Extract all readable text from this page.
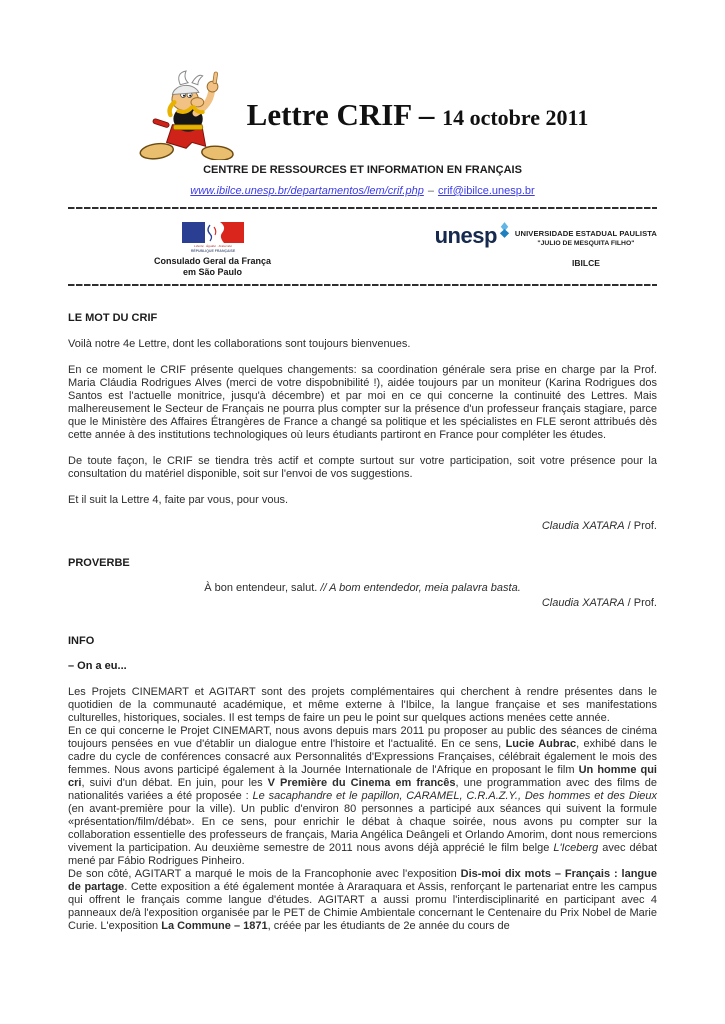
Lettre CRIF – 14 octobre 2011
CENTRE DE RESSOURCES ET INFORMATION EN FRANÇAIS
www.ibilce.unesp.br/departamentos/lem/crif.php – crif@ibilce.unesp.br
Liberté · Égalité · Fraternité
RÉPUBLIQUE FRANÇAISE
Consulado Geral da França
em São Paulo
unesp UNIVERSIDADE ESTADUAL PAULISTA
"JULIO DE MESQUITA FILHO"
IBILCE
LE MOT DU CRIF

Voilà notre 4e Lettre, dont les collaborations sont toujours bienvenues.

En ce moment le CRIF présente quelques changements: sa coordination générale sera prise en charge par la Prof. Maria Cláudia Rodrigues Alves (merci de votre dispobnibilité !), aidée toujours par un moniteur (Karina Rodrigues dos Santos est l'actuelle monitrice, jusqu'à décembre) et par moi en ce qui concerne la continuité des Lettres. Mais malhereusement le Secteur de Français ne pourra plus compter sur la présence d'un professeur français stagiare, parce que le Ministère des Affaires Étrangères de France a changé sa politique et les spécialistes en FLE seront attribués dès cette année à des institutions technologiques où leurs étudiants partiront en France pour compléter les études.

De toute façon, le CRIF se tiendra très actif et compte surtout sur votre participation, soit votre présence pour la consultation du matériel disponible, soit sur l'envoi de vos suggestions.

Et il suit la Lettre 4, faite par vous, pour vous.

Claudia XATARA / Prof.

PROVERBE

À bon entendeur, salut. // A bom entendedor, meia palavra basta.

Claudia XATARA / Prof.

INFO
– On a eu...

Les Projets CINEMART et AGITART sont des projets complémentaires qui cherchent à rendre présentes dans le quotidien de la communauté académique, et même externe à l'Ibilce, la langue française et ses manifestations culturelles, historiques, sociales. Il est temps de faire un peu le point sur quelques actions menées cette année.

En ce qui concerne le Projet CINEMART, nous avons depuis mars 2011 pu proposer au public des séances de cinéma toujours pensées en vue d'établir un dialogue entre l'histoire et l'actualité. En ce sens, Lucie Aubrac, exhibé dans le cadre du cycle de conférences consacré aux Personnalités d'Expressions Françaises, célébrait également le mois des femmes. Nous avons participé également à la Journée Internationale de l'Afrique en proposant le film Un homme qui cri, suivi d'un débat. En juin, pour les V Première du Cinema em francês, une programmation avec des films de nationalités variées a été proposée : Le sacaphandre et le papillon, CARAMEL, C.R.A.Z.Y., Des hommes et des Dieux (en avant-première pour la ville). Un public d'environ 80 personnes a participé aux séances qui suivent la formule «présentation/film/débat». En ce sens, pour enrichir le débat à chaque soirée, nous avons pu compter sur la collaboration essentielle des professeurs de français, Maria Angélica Deângeli et Orlando Amorim, dont nous remercions vivement la participation. Au deuxième semestre de 2011 nous avons déjà apprécié le film belge L'Iceberg avec débat mené par Fábio Rodrigues Pinheiro.

De son côté, AGITART a marqué le mois de la Francophonie avec l'exposition Dis-moi dix mots – Français : langue de partage. Cette exposition a été également montée à Araraquara et Assis, renforçant le partenariat entre les campus qui offrent le français comme langue d'études. AGITART a aussi promu l'interdisciplinarité en participant avec 4 panneaux de/à l'exposition organisée par le PET de Chimie Ambientale concernant le Centenaire du Prix Nobel de Marie Curie. L'exposition La Commune – 1871, créée par les étudiants de 2e année du cours de
